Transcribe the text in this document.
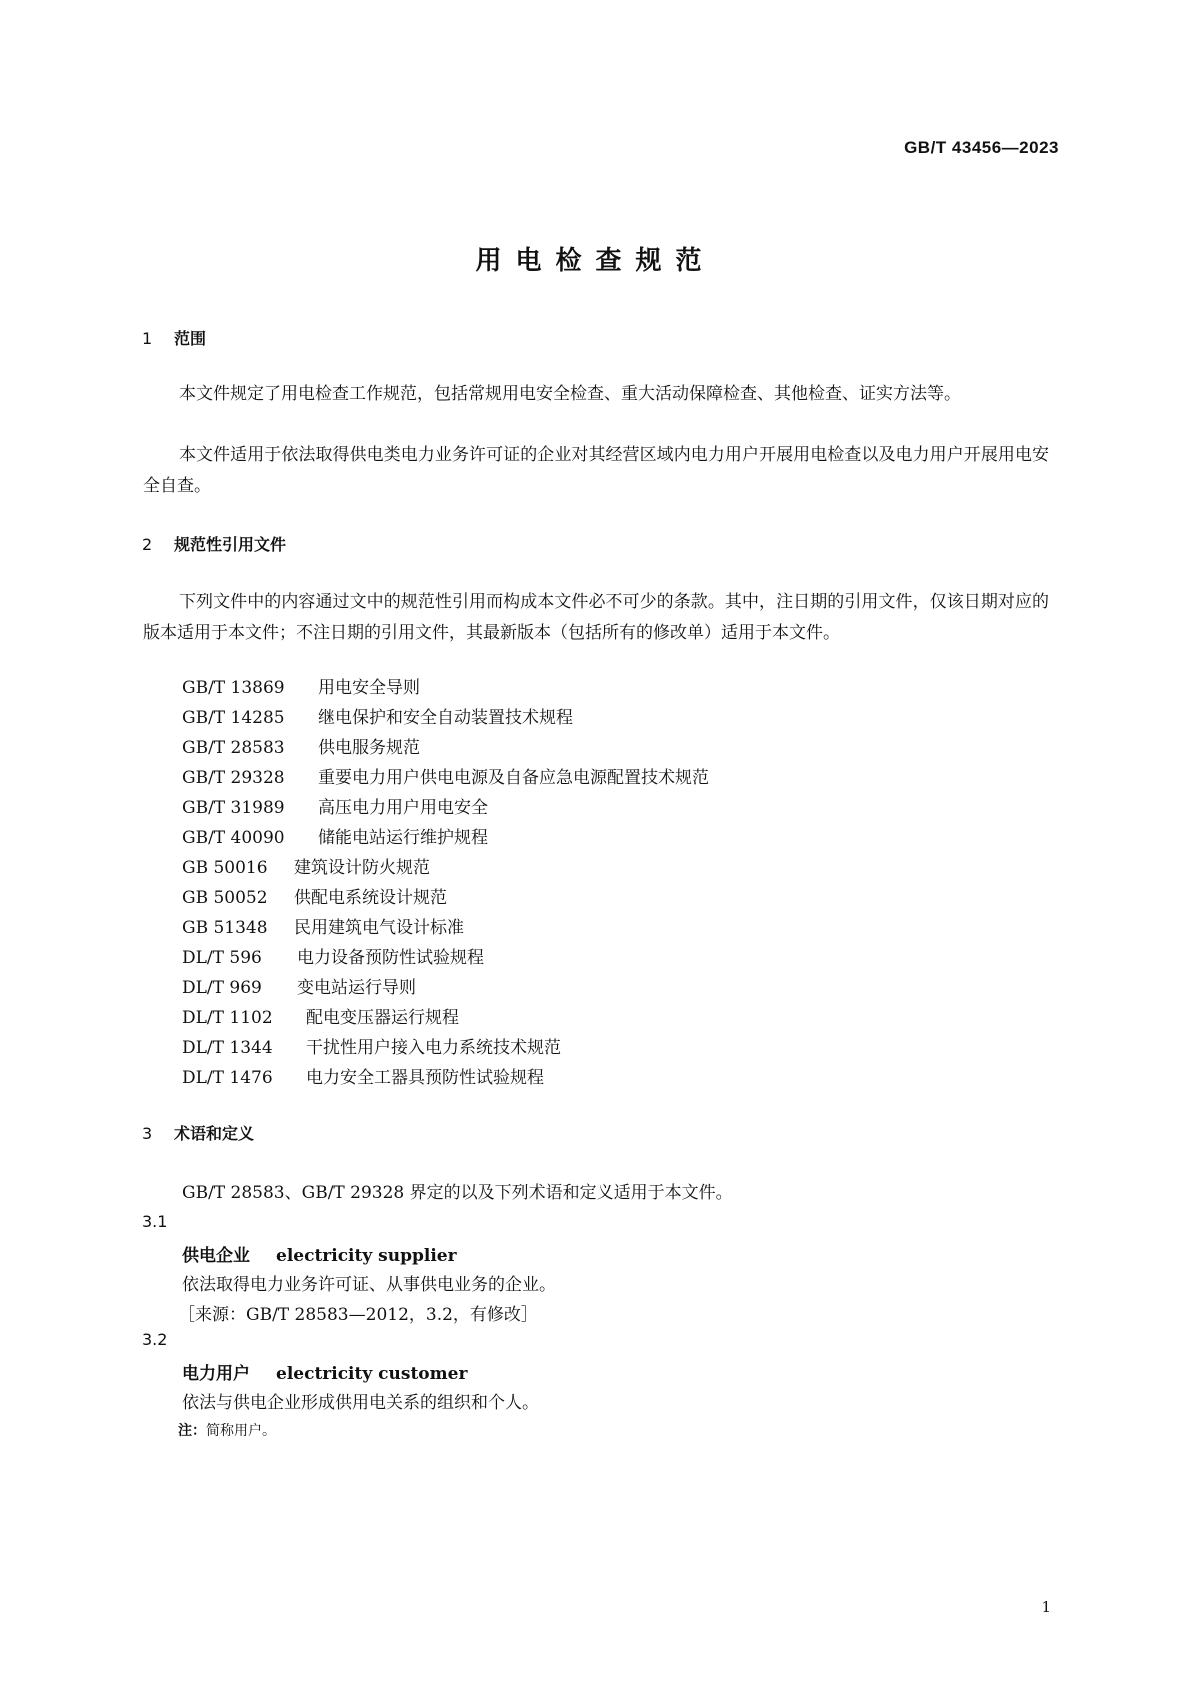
GB/T 43456—2023
用电检查规范
1 范围
本文件规定了用电检查工作规范，包括常规用电安全检查、重大活动保障检查、其他检查、证实方法等。
本文件适用于依法取得供电类电力业务许可证的企业对其经营区域内电力用户开展用电检查以及电力用户开展用电安全自查。
2 规范性引用文件
下列文件中的内容通过文中的规范性引用而构成本文件必不可少的条款。其中，注日期的引用文件，仅该日期对应的版本适用于本文件；不注日期的引用文件，其最新版本（包括所有的修改单）适用于本文件。
GB/T 13869 用电安全导则
GB/T 14285 继电保护和安全自动装置技术规程
GB/T 28583 供电服务规范
GB/T 29328 重要电力用户供电电源及自备应急电源配置技术规范
GB/T 31989 高压电力用户用电安全
GB/T 40090 储能电站运行维护规程
GB 50016 建筑设计防火规范
GB 50052 供配电系统设计规范
GB 51348 民用建筑电气设计标准
DL/T 596 电力设备预防性试验规程
DL/T 969 变电站运行导则
DL/T 1102 配电变压器运行规程
DL/T 1344 干扰性用户接入电力系统技术规范
DL/T 1476 电力安全工器具预防性试验规程
3 术语和定义
GB/T 28583、GB/T 29328 界定的以及下列术语和定义适用于本文件。
3.1
供电企业 electricity supplier
依法取得电力业务许可证、从事供电业务的企业。
［来源：GB/T 28583—2012，3.2，有修改］
3.2
电力用户 electricity customer
依法与供电企业形成供用电关系的组织和个人。
注：简称用户。
1
